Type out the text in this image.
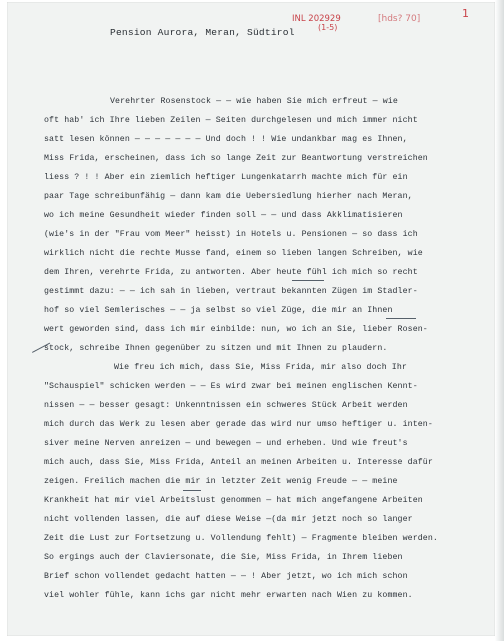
INL 202929
(1-5)
[hds? 70]	1
Pension Aurora, Meran, Südtirol
Verehrter Rosenstock — — wie haben Sie mich erfreut — wie
oft hab' ich Ihre lieben Zeilen — Seiten durchgelesen und mich immer nicht
satt lesen können — — — — — — — Und doch ! ! Wie undankbar mag es Ihnen,
Miss Frida, erscheinen, dass ich so lange Zeit zur Beantwortung verstreichen
liess ? ! ! Aber ein ziemlich heftiger Lungenkatarrh machte mich für ein
paar Tage schreibunfähig — dann kam die Uebersiedlung hierher nach Meran,
wo ich meine Gesundheit wieder finden soll — — und dass Akklimatisieren
(wie's in der "Frau vom Meer" heisst) in Hotels u. Pensionen — so dass ich
wirklich nicht die rechte Musse fand, einem so lieben langen Schreiben, wie
dem Ihren, verehrte Frida, zu antworten. Aber heute fühl ich mich so recht
gestimmt dazu: — — ich sah in lieben, vertraut bekannten Zügen im Stadler-
hof so viel Semlerisches — — ja selbst so viel Züge, die mir an Ihnen
wert geworden sind, dass ich mir einbilde: nun, wo ich an Sie, lieber Rosen-
stock, schreibe Ihnen gegenüber zu sitzen und mit Ihnen zu plaudern.
Wie freu ich mich, dass Sie, Miss Frida, mir also doch Ihr
"Schauspiel" schicken werden — — Es wird zwar bei meinen englischen Kennt-
nissen — — besser gesagt: Unkenntnissen ein schweres Stück Arbeit werden
mich durch das Werk zu lesen aber gerade das wird nur umso heftiger u. inten-
siver meine Nerven anreizen — und bewegen — und erheben. Und wie freut's
mich auch, dass Sie, Miss Frida, Anteil an meinen Arbeiten u. Interesse dafür
zeigen. Freilich machen die mir in letzter Zeit wenig Freude — — meine
Krankheit hat mir viel Arbeitslust genommen — hat mich angefangene Arbeiten
nicht vollenden lassen, die auf diese Weise —(da mir jetzt noch so langer
Zeit die Lust zur Fortsetzung u. Vollendung fehlt) — Fragmente bleiben werden.
So ergings auch der Claviersonate, die Sie, Miss Frida, in Ihrem lieben
Brief schon vollendet gedacht hatten — — ! Aber jetzt, wo ich mich schon
viel wohler fühle, kann ichs gar nicht mehr erwarten nach Wien zu kommen.
